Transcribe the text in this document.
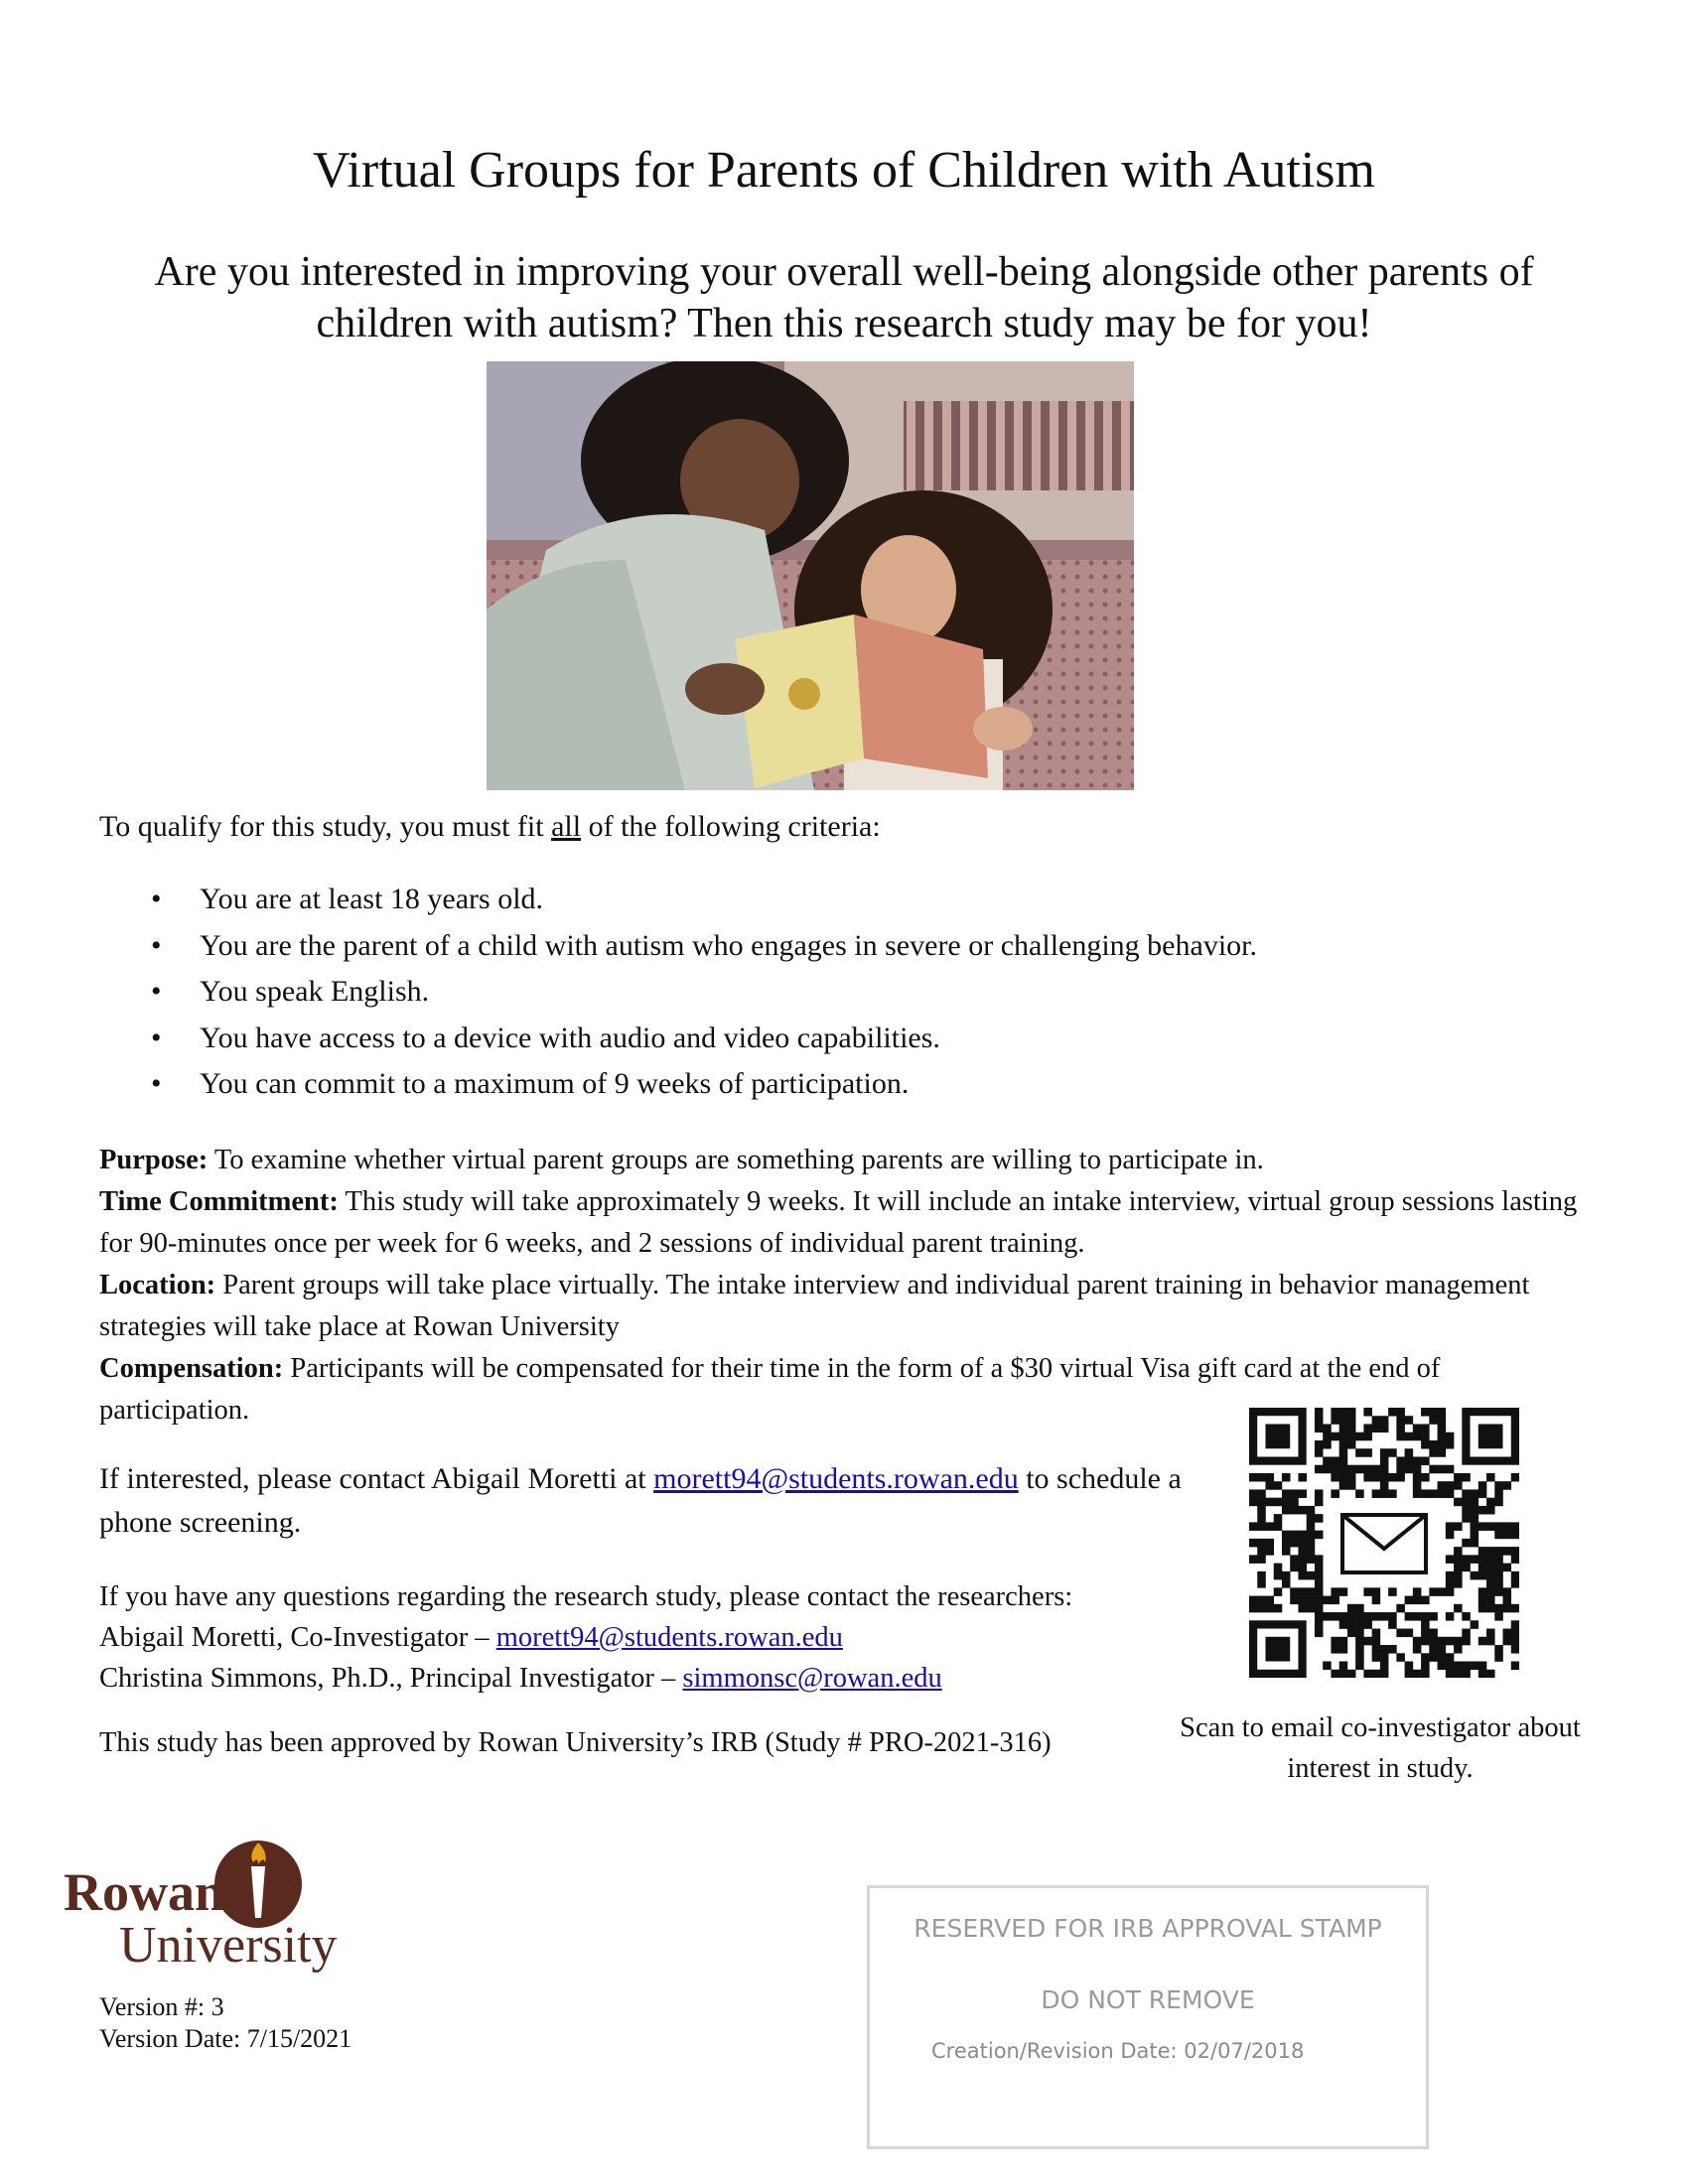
Virtual Groups for Parents of Children with Autism
Are you interested in improving your overall well-being alongside other parents of children with autism? Then this research study may be for you!
To qualify for this study, you must fit all of the following criteria:
• You are at least 18 years old.
• You are the parent of a child with autism who engages in severe or challenging behavior.
• You speak English.
• You have access to a device with audio and video capabilities.
• You can commit to a maximum of 9 weeks of participation.

Purpose: To examine whether virtual parent groups are something parents are willing to participate in.

Time Commitment: This study will take approximately 9 weeks. It will include an intake interview, virtual group sessions lasting for 90-minutes once per week for 6 weeks, and 2 sessions of individual parent training.

Location: Parent groups will take place virtually. The intake interview and individual parent training in behavior management strategies will take place at Rowan University

Compensation: Participants will be compensated for their time in the form of a $30 virtual Visa gift card at the end of participation.

If interested, please contact Abigail Moretti at morett94@students.rowan.edu to schedule a phone screening.

If you have any questions regarding the research study, please contact the researchers:

Abigail Moretti, Co-Investigator – morett94@students.rowan.edu

Christina Simmons, Ph.D., Principal Investigator – simmonsc@rowan.edu

This study has been approved by Rowan University’s IRB (Study # PRO-2021-316)	Scan to email co-investigator about interest in study.
Rowan
University
Version #: 3
Version Date: 7/15/2021
RESERVED FOR IRB APPROVAL STAMP
DO NOT REMOVE
Creation/Revision Date: 02/07/2018
